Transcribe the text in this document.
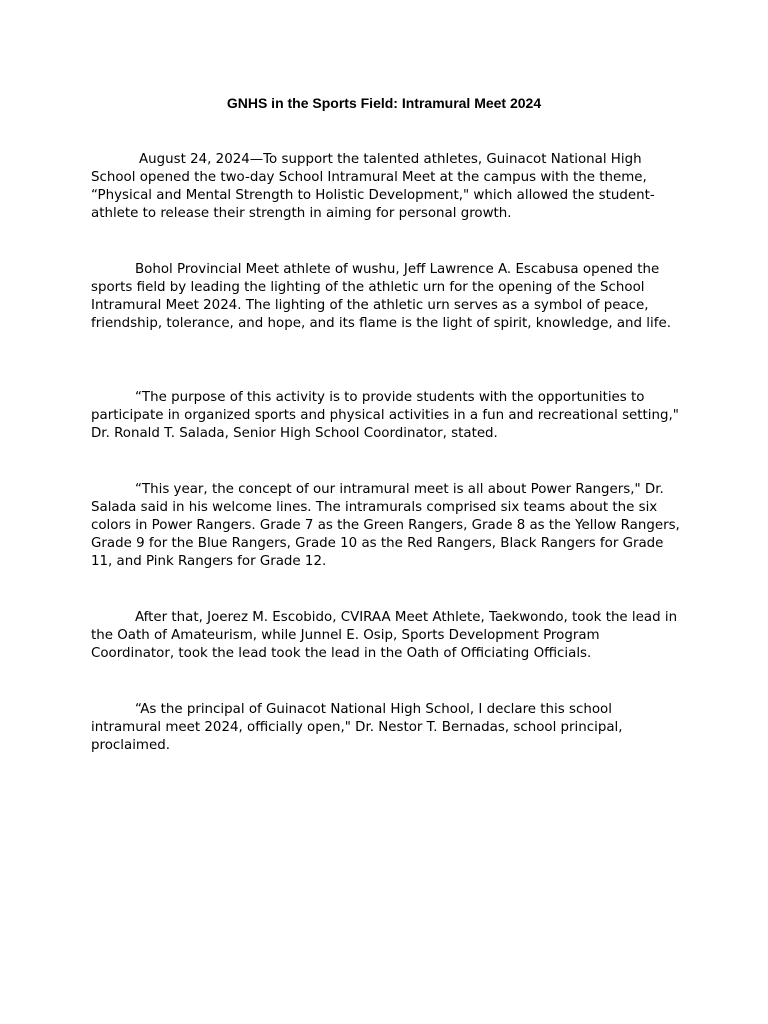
GNHS in the Sports Field: Intramural Meet 2024

August 24, 2024—To support the talented athletes, Guinacot National High School opened the two-day School Intramural Meet at the campus with the theme, “Physical and Mental Strength to Holistic Development," which allowed the student-athlete to release their strength in aiming for personal growth.

Bohol Provincial Meet athlete of wushu, Jeff Lawrence A. Escabusa opened the sports field by leading the lighting of the athletic urn for the opening of the School Intramural Meet 2024. The lighting of the athletic urn serves as a symbol of peace, friendship, tolerance, and hope, and its flame is the light of spirit, knowledge, and life.

“The purpose of this activity is to provide students with the opportunities to participate in organized sports and physical activities in a fun and recreational setting," Dr. Ronald T. Salada, Senior High School Coordinator, stated.

“This year, the concept of our intramural meet is all about Power Rangers," Dr. Salada said in his welcome lines. The intramurals comprised six teams about the six colors in Power Rangers. Grade 7 as the Green Rangers, Grade 8 as the Yellow Rangers, Grade 9 for the Blue Rangers, Grade 10 as the Red Rangers, Black Rangers for Grade 11, and Pink Rangers for Grade 12.

After that, Joerez M. Escobido, CVIRAA Meet Athlete, Taekwondo, took the lead in the Oath of Amateurism, while Junnel E. Osip, Sports Development Program Coordinator, took the lead took the lead in the Oath of Officiating Officials.

“As the principal of Guinacot National High School, I declare this school intramural meet 2024, officially open," Dr. Nestor T. Bernadas, school principal, proclaimed.
